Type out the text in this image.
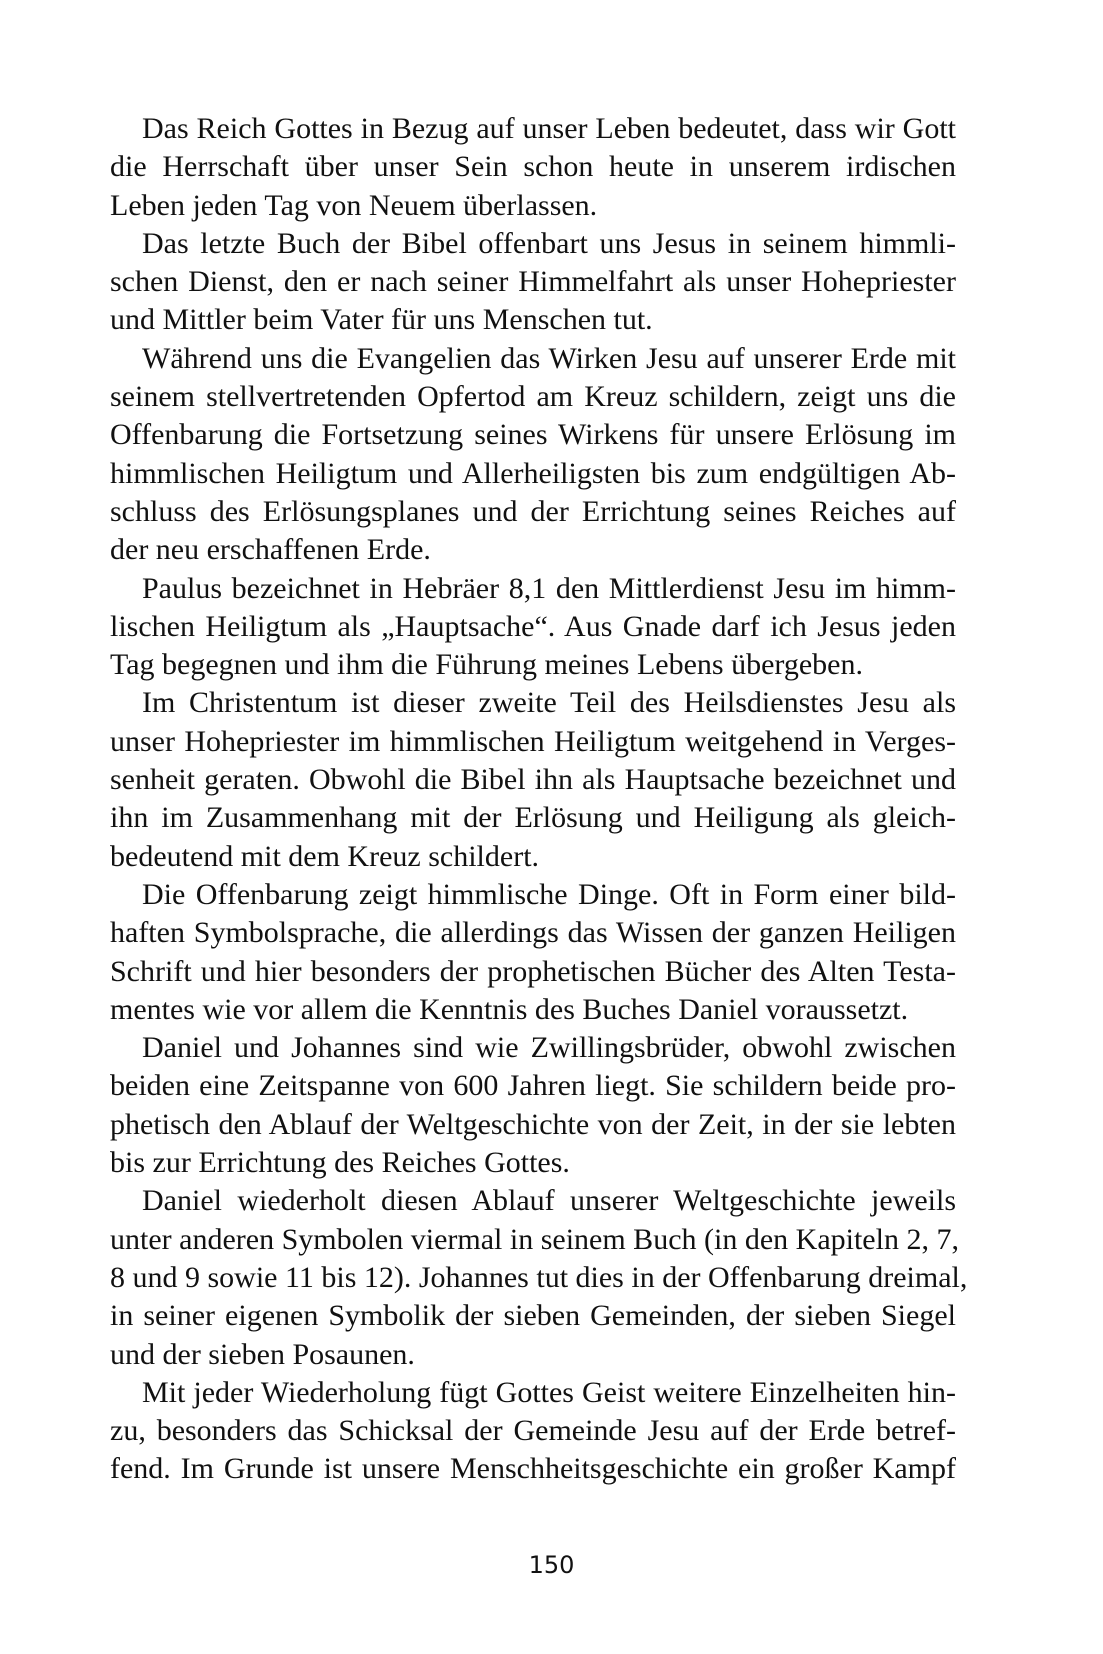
Das Reich Gottes in Bezug auf unser Leben bedeutet, dass wir Gott
die Herrschaft über unser Sein schon heute in unserem irdischen
Leben jeden Tag von Neuem überlassen.
Das letzte Buch der Bibel offenbart uns Jesus in seinem himmli-
schen Dienst, den er nach seiner Himmelfahrt als unser Hohepriester
und Mittler beim Vater für uns Menschen tut.
Während uns die Evangelien das Wirken Jesu auf unserer Erde mit
seinem stellvertretenden Opfertod am Kreuz schildern, zeigt uns die
Offenbarung die Fortsetzung seines Wirkens für unsere Erlösung im
himmlischen Heiligtum und Allerheiligsten bis zum endgültigen Ab-
schluss des Erlösungsplanes und der Errichtung seines Reiches auf
der neu erschaffenen Erde.
Paulus bezeichnet in Hebräer 8,1 den Mittlerdienst Jesu im himm-
lischen Heiligtum als „Hauptsache“. Aus Gnade darf ich Jesus jeden
Tag begegnen und ihm die Führung meines Lebens übergeben.
Im Christentum ist dieser zweite Teil des Heilsdienstes Jesu als
unser Hohepriester im himmlischen Heiligtum weitgehend in Verges-
senheit geraten. Obwohl die Bibel ihn als Hauptsache bezeichnet und
ihn im Zusammenhang mit der Erlösung und Heiligung als gleich-
bedeutend mit dem Kreuz schildert.
Die Offenbarung zeigt himmlische Dinge. Oft in Form einer bild-
haften Symbolsprache, die allerdings das Wissen der ganzen Heiligen
Schrift und hier besonders der prophetischen Bücher des Alten Testa-
mentes wie vor allem die Kenntnis des Buches Daniel voraussetzt.
Daniel und Johannes sind wie Zwillingsbrüder, obwohl zwischen
beiden eine Zeitspanne von 600 Jahren liegt. Sie schildern beide pro-
phetisch den Ablauf der Weltgeschichte von der Zeit, in der sie lebten
bis zur Errichtung des Reiches Gottes.
Daniel wiederholt diesen Ablauf unserer Weltgeschichte jeweils
unter anderen Symbolen viermal in seinem Buch (in den Kapiteln 2, 7,
8 und 9 sowie 11 bis 12). Johannes tut dies in der Offenbarung dreimal,
in seiner eigenen Symbolik der sieben Gemeinden, der sieben Siegel
und der sieben Posaunen.
Mit jeder Wiederholung fügt Gottes Geist weitere Einzelheiten hin-
zu, besonders das Schicksal der Gemeinde Jesu auf der Erde betref-
fend. Im Grunde ist unsere Menschheitsgeschichte ein großer Kampf
150
